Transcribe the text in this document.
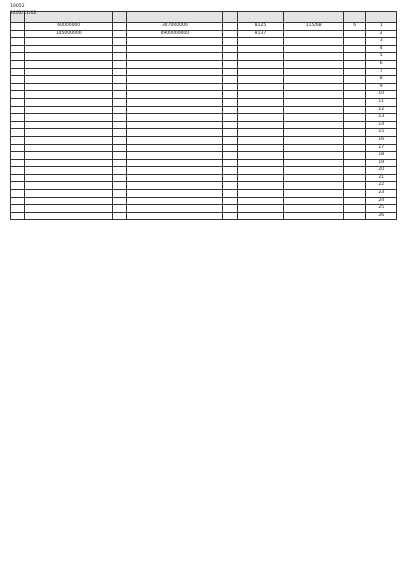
10052
1402/11/02

1	6	115/68	8125		347000000		60000000	
2			8137		4900000000		145000000	
3								
4								
5								
6								
7								
8								
9								
10								
11								
12								
13								
14								
15								
16								
17								
18								
19								
20								
21								
22								
23								
24								
25								
26								
